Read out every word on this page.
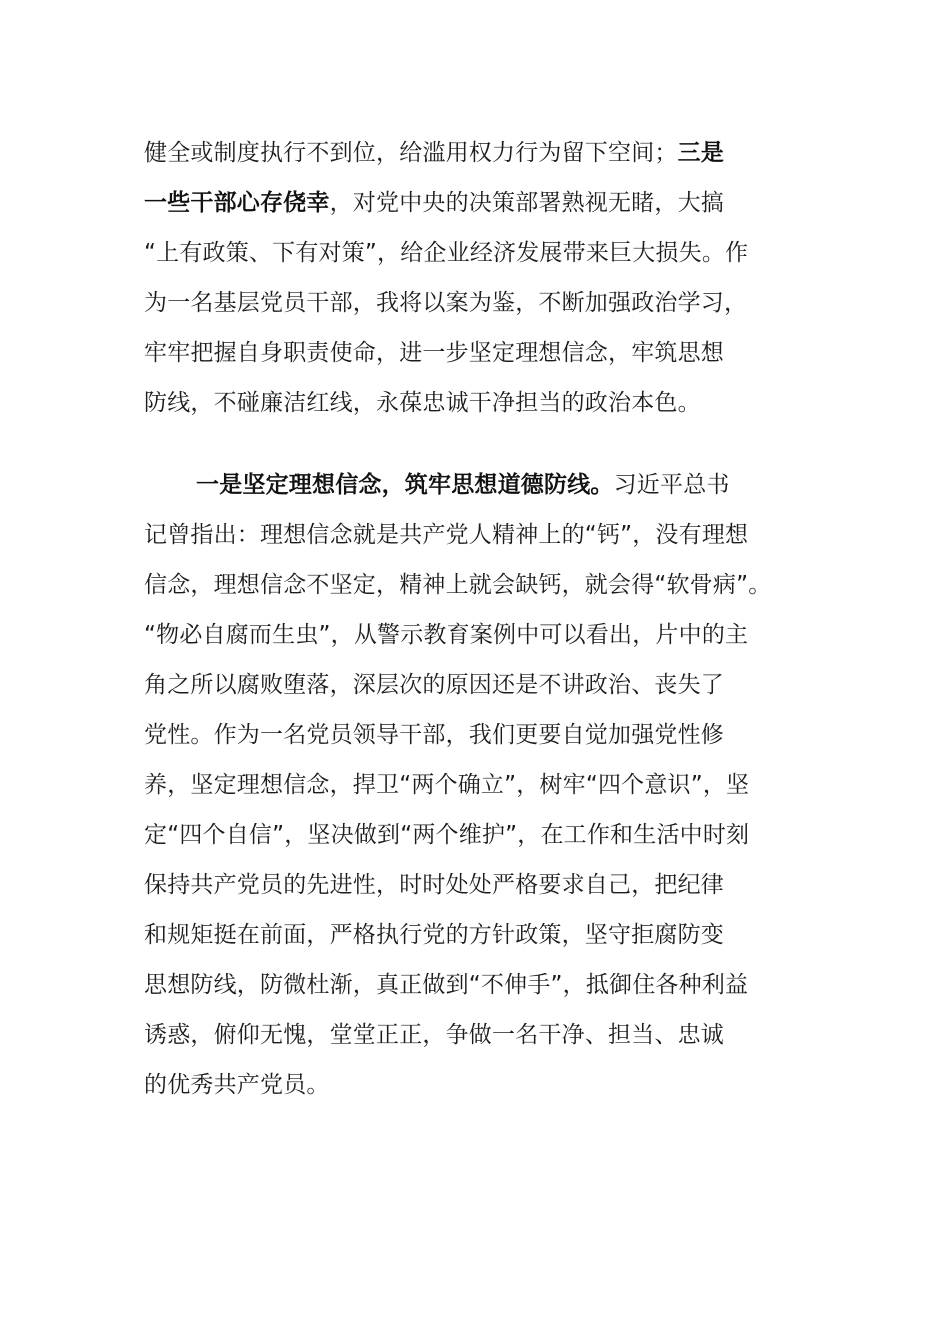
健全或制度执行不到位，给滥用权力行为留下空间；三是
一些干部心存侥幸，对党中央的决策部署熟视无睹，大搞
“上有政策、下有对策”，给企业经济发展带来巨大损失。作
为一名基层党员干部，我将以案为鉴，不断加强政治学习，
牢牢把握自身职责使命，进一步坚定理想信念，牢筑思想
防线，不碰廉洁红线，永葆忠诚干净担当的政治本色。
一是坚定理想信念，筑牢思想道德防线。习近平总书
记曾指出：理想信念就是共产党人精神上的“钙”，没有理想
信念，理想信念不坚定，精神上就会缺钙，就会得“软骨病”。
“物必自腐而生虫”，从警示教育案例中可以看出，片中的主
角之所以腐败堕落，深层次的原因还是不讲政治、丧失了
党性。作为一名党员领导干部，我们更要自觉加强党性修
养，坚定理想信念，捍卫“两个确立”，树牢“四个意识”，坚
定“四个自信”，坚决做到“两个维护”，在工作和生活中时刻
保持共产党员的先进性，时时处处严格要求自己，把纪律
和规矩挺在前面，严格执行党的方针政策，坚守拒腐防变
思想防线，防微杜渐，真正做到“不伸手”，抵御住各种利益
诱惑，俯仰无愧，堂堂正正，争做一名干净、担当、忠诚
的优秀共产党员。
